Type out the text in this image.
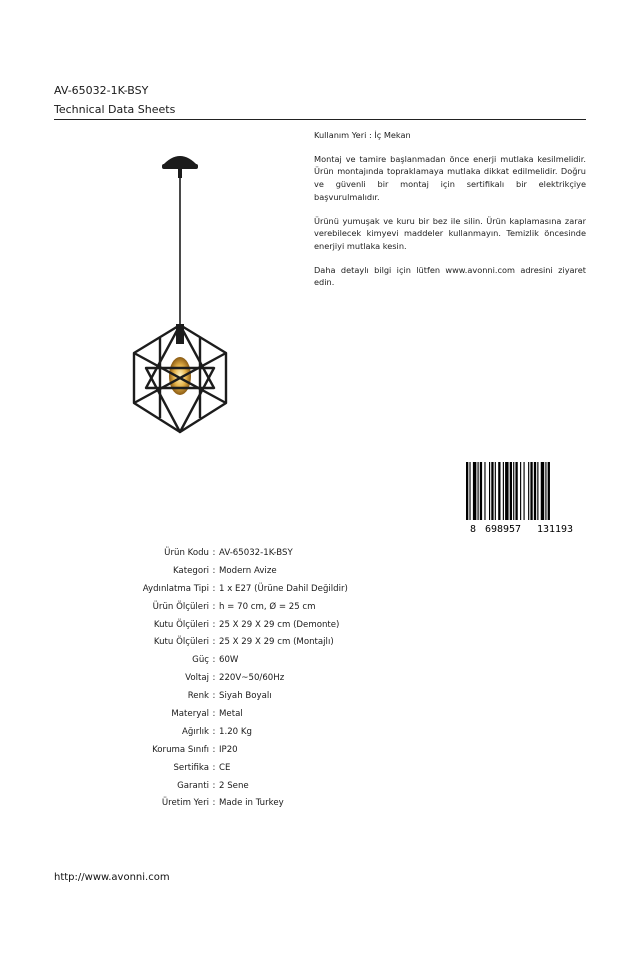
AV-65032-1K-BSY
Technical Data Sheets

Kullanım Yeri : İç Mekan

Montaj ve tamire başlanmadan önce enerji mutlaka kesilmelidir. Ürün montajında topraklamaya mutlaka dikkat edilmelidir. Doğru ve güvenli bir montaj için sertifikalı bir elektrikçiye başvurulmalıdır.

Ürünü yumuşak ve kuru bir bez ile silin. Ürün kaplamasına zarar verebilecek kimyevi maddeler kullanmayın. Temizlik öncesinde enerjiyi mutlaka kesin.

Daha detaylı bilgi için lütfen www.avonni.com adresini ziyaret edin.

8 698957 131193
Ürün Kodu : AV-65032-1K-BSY
Kategori : Modern Avize
Aydınlatma Tipi : 1 x E27 (Ürüne Dahil Değildir)
Ürün Ölçüleri : h = 70 cm, Ø = 25 cm
Kutu Ölçüleri : 25 X 29 X 29 cm (Demonte)
Kutu Ölçüleri : 25 X 29 X 29 cm (Montajlı)
Güç : 60W
Voltaj : 220V~50/60Hz
Renk : Siyah Boyalı
Materyal : Metal
Ağırlık : 1.20 Kg
Koruma Sınıfı : IP20
Sertifika : CE
Garanti : 2 Sene
Üretim Yeri : Made in Turkey
http://www.avonni.com
